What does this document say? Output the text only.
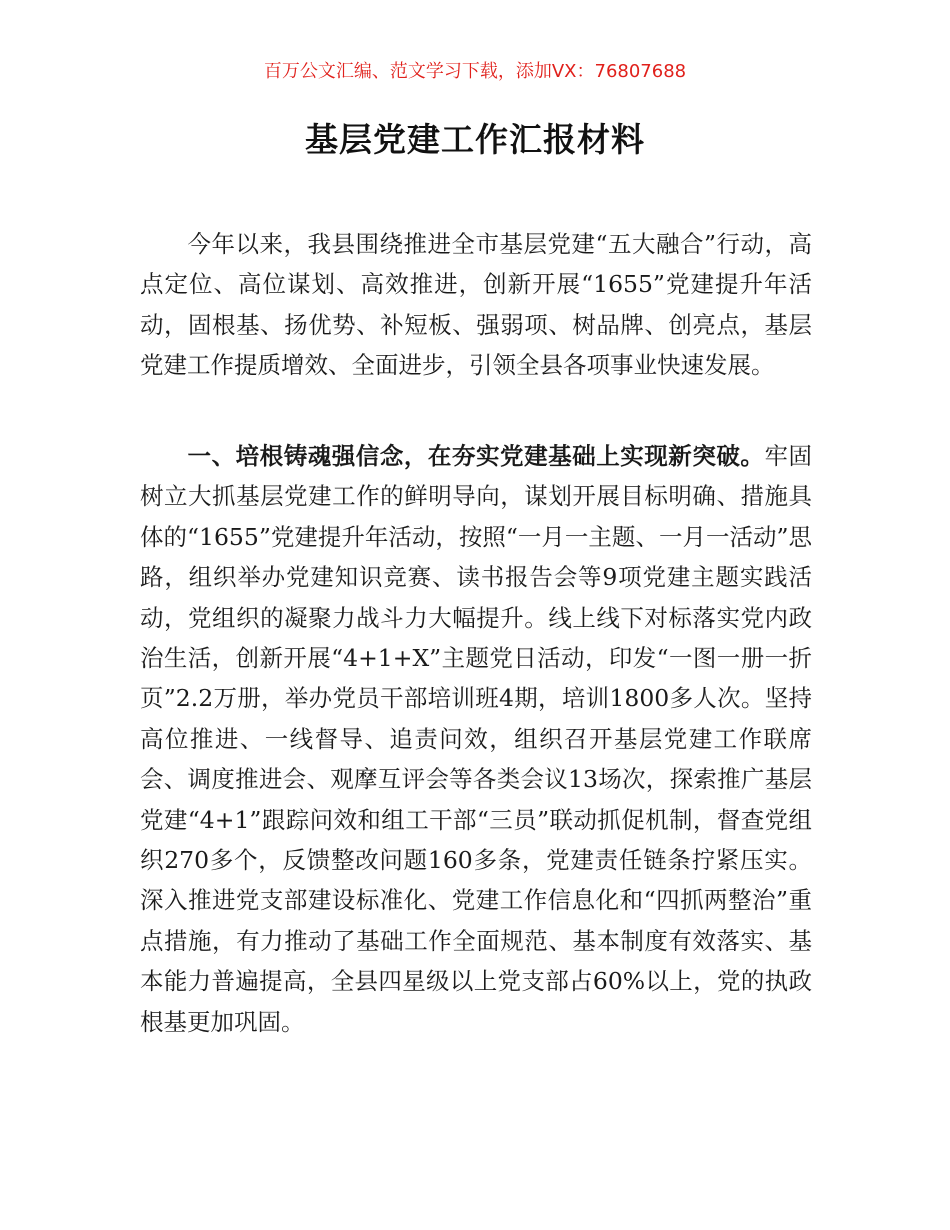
百万公文汇编、范文学习下载，添加VX：76807688
基层党建工作汇报材料

今年以来，我县围绕推进全市基层党建“五大融合”行动，高点定位、高位谋划、高效推进，创新开展“1655”党建提升年活动，固根基、扬优势、补短板、强弱项、树品牌、创亮点，基层党建工作提质增效、全面进步，引领全县各项事业快速发展。

一、培根铸魂强信念，在夯实党建基础上实现新突破。牢固树立大抓基层党建工作的鲜明导向，谋划开展目标明确、措施具体的“1655”党建提升年活动，按照“一月一主题、一月一活动”思路，组织举办党建知识竞赛、读书报告会等9项党建主题实践活动，党组织的凝聚力战斗力大幅提升。线上线下对标落实党内政治生活，创新开展“4+1+X”主题党日活动，印发“一图一册一折页”2.2万册，举办党员干部培训班4期，培训1800多人次。坚持高位推进、一线督导、追责问效，组织召开基层党建工作联席会、调度推进会、观摩互评会等各类会议13场次，探索推广基层党建“4+1”跟踪问效和组工干部“三员”联动抓促机制，督查党组织270多个，反馈整改问题160多条，党建责任链条拧紧压实。深入推进党支部建设标准化、党建工作信息化和“四抓两整治”重点措施，有力推动了基础工作全面规范、基本制度有效落实、基本能力普遍提高，全县四星级以上党支部占60%以上，党的执政根基更加巩固。
